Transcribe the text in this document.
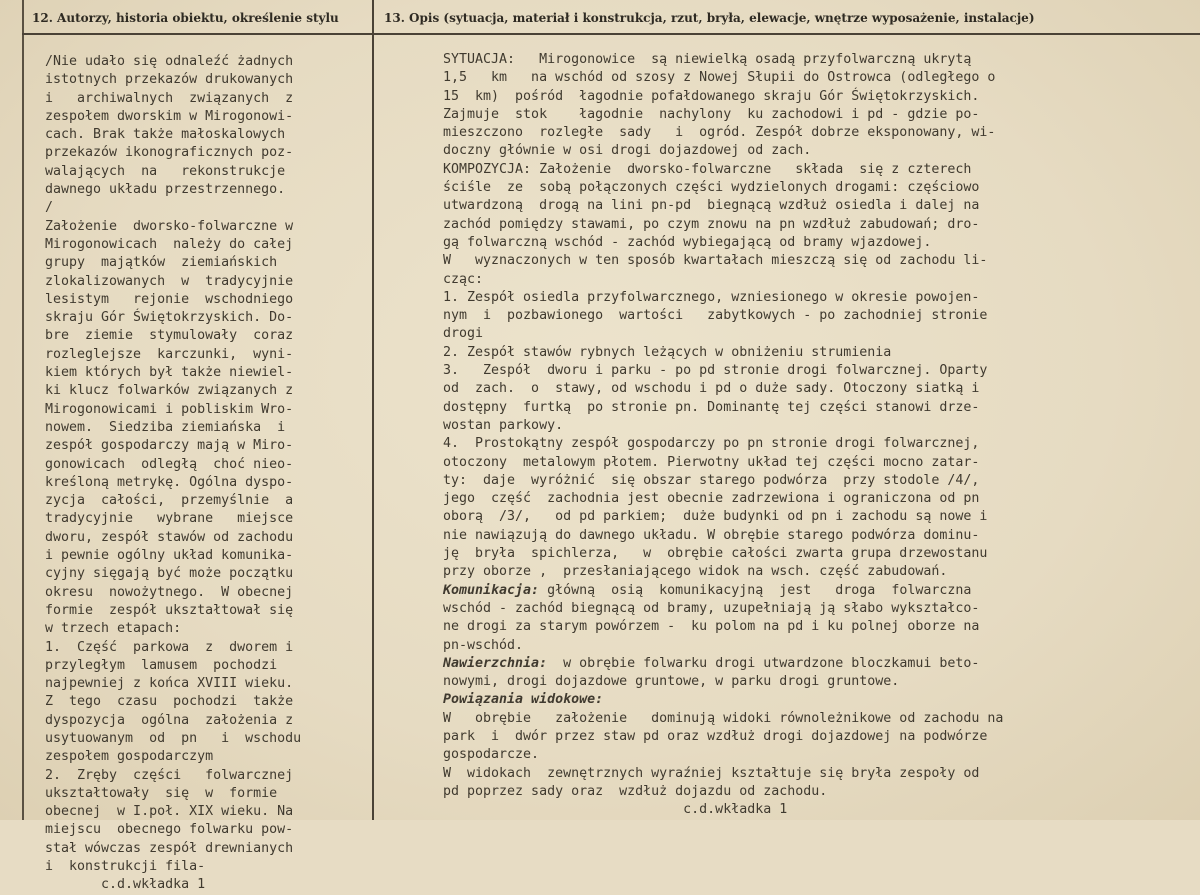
12. Autorzy, historia obiektu, określenie stylu	13. Opis (sytuacja, materiał i konstrukcja, rzut, bryła, elewacje, wnętrze wyposażenie, instalacje)
/Nie udało się odnaleźć żadnych
istotnych przekazów drukowanych
i   archiwalnych  związanych  z
zespołem dworskim w Mirogonowi-
cach. Brak także małoskalowych
przekazów ikonograficznych poz-
walających  na   rekonstrukcje
dawnego układu przestrzennego.
/
Założenie  dworsko-folwarczne w
Mirogonowicach  należy do całej
grupy  majątków  ziemiańskich
zlokalizowanych  w  tradycyjnie
lesistym   rejonie  wschodniego
skraju Gór Świętokrzyskich. Do-
bre  ziemie  stymulowały  coraz
rozleglejsze  karczunki,  wyni-
kiem których był także niewiel-
ki klucz folwarków związanych z
Mirogonowicami i pobliskim Wro-
nowem.  Siedziba ziemiańska  i
zespół gospodarczy mają w Miro-
gonowicach  odległą  choć nieo-
kreśloną metrykę. Ogólna dyspo-
zycja  całości,  przemyślnie  a
tradycyjnie   wybrane   miejsce
dworu, zespół stawów od zachodu
i pewnie ogólny układ komunika-
cyjny sięgają być może początku
okresu  nowożytnego.  W obecnej
formie  zespół ukształtował się
w trzech etapach:
1.  Część  parkowa  z  dworem i
przyległym  lamusem  pochodzi
najpewniej z końca XVIII wieku.
Z  tego  czasu  pochodzi  także
dyspozycja  ogólna  założenia z
usytuowanym  od  pn   i  wschodu
zespołem gospodarczym
2.  Zręby  części   folwarcznej
ukształtowały  się  w  formie
obecnej  w I.poł. XIX wieku. Na
miejscu  obecnego folwarku pow-
stał wówczas zespół drewnianych
i  konstrukcji fila-
c.d.wkładka 1
SYTUACJA:   Mirogonowice  są niewielką osadą przyfolwarczną ukrytą
1,5   km   na wschód od szosy z Nowej Słupii do Ostrowca (odległego o
15  km)  pośród  łagodnie pofałdowanego skraju Gór Świętokrzyskich.
Zajmuje  stok    łagodnie  nachylony  ku zachodowi i pd - gdzie po-
mieszczono  rozległe  sady   i  ogród. Zespół dobrze eksponowany, wi-
doczny głównie w osi drogi dojazdowej od zach.
KOMPOZYCJA: Założenie  dworsko-folwarczne   składa  się z czterech
ściśle  ze  sobą połączonych części wydzielonych drogami: częściowo
utwardzoną  drogą na lini pn-pd  biegnącą wzdłuż osiedla i dalej na
zachód pomiędzy stawami, po czym znowu na pn wzdłuż zabudowań; dro-
gą folwarczną wschód - zachód wybiegającą od bramy wjazdowej.
W   wyznaczonych w ten sposób kwartałach mieszczą się od zachodu li-
cząc:
1. Zespół osiedla przyfolwarcznego, wzniesionego w okresie powojen-
nym  i  pozbawionego  wartości   zabytkowych - po zachodniej stronie
drogi
2. Zespół stawów rybnych leżących w obniżeniu strumienia
3.   Zespół  dworu i parku - po pd stronie drogi folwarcznej. Oparty
od  zach.  o  stawy, od wschodu i pd o duże sady. Otoczony siatką i
dostępny  furtką  po stronie pn. Dominantę tej części stanowi drze-
wostan parkowy.
4.  Prostokątny zespół gospodarczy po pn stronie drogi folwarcznej,
otoczony  metalowym płotem. Pierwotny układ tej części mocno zatar-
ty:  daje  wyróżnić  się obszar starego podwórza  przy stodole /4/,
jego  część  zachodnia jest obecnie zadrzewiona i ograniczona od pn
oborą  /3/,   od pd parkiem;  duże budynki od pn i zachodu są nowe i
nie nawiązują do dawnego układu. W obrębie starego podwórza dominu-
ję  bryła  spichlerza,   w  obrębie całości zwarta grupa drzewostanu
przy oborze ,  przesłaniającego widok na wsch. część zabudowań.
Komunikacja: główną  osią  komunikacyjną  jest   droga  folwarczna
wschód - zachód biegnącą od bramy, uzupełniają ją słabo wykształco-
ne drogi za starym powórzem -  ku polom na pd i ku polnej oborze na
pn-wschód.
Nawierzchnia:  w obrębie folwarku drogi utwardzone bloczkamui beto-
nowymi, drogi dojazdowe gruntowe, w parku drogi gruntowe.
Powiązania widokowe:
W   obrębie   założenie   dominują widoki równoleżnikowe od zachodu na
park  i  dwór przez staw pd oraz wzdłuż drogi dojazdowej na podwórze
gospodarcze.
W  widokach  zewnętrznych wyraźniej kształtuje się bryła zespoły od
pd poprzez sady oraz  wzdłuż dojazdu od zachodu.
c.d.wkładka 1
